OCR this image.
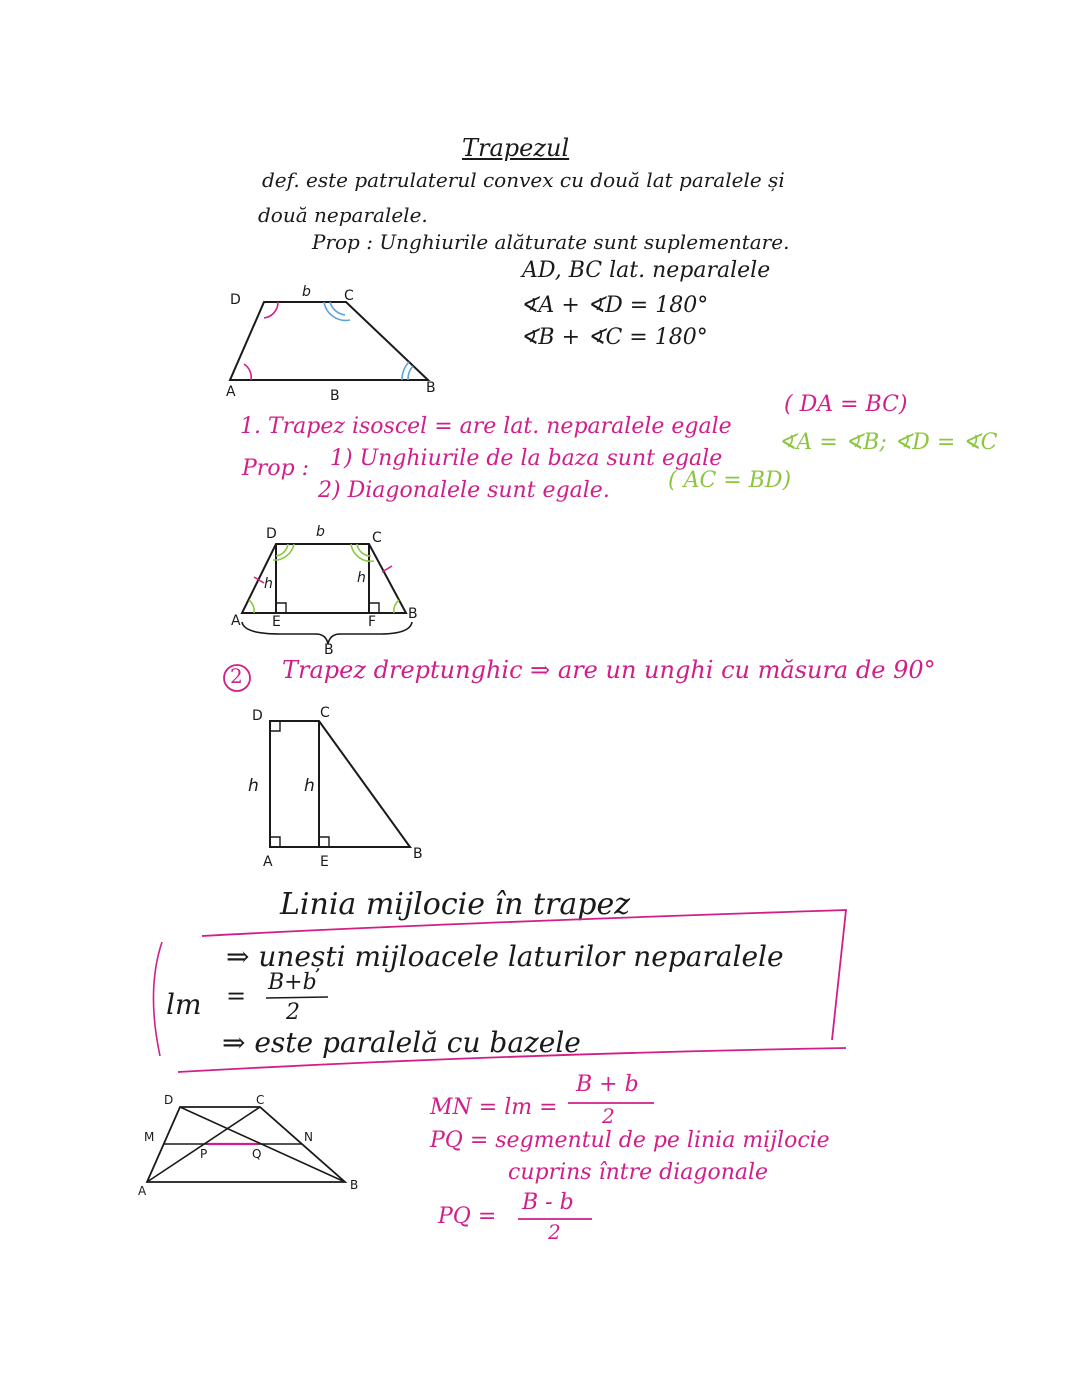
Trapezul
def. este patrulaterul convex cu două lat paralele și
două neparalele.
Prop : Unghiurile alăturate sunt suplementare.
AD, BC lat. neparalele
∢A + ∢D = 180°
∢B + ∢C = 180°
D	b C
A	B	B
1. Trapez isoscel = are lat. neparalele egale
( DA = BC)
Prop : 1) Unghiurile de la baza sunt egale
∢A = ∢B; ∢D = ∢C
2) Diagonalele sunt egale.	( AC = BD)
D	b	C
h	h
A E	F B
B
2 Trapez dreptunghic ⇒ are un unghi cu măsura de 90°
D	C
h	h
A	E	B
Linia mijlocie în trapez
⇒ unești mijloacele laturilor neparalele
lm = B+b
2
⇒ este paralelă cu bazele
D	C
M	N
P	Q
A	B
MN = lm =
B + b
2
PQ = segmentul de pe linia mijlocie
cuprins între diagonale
PQ =
B - b
2
